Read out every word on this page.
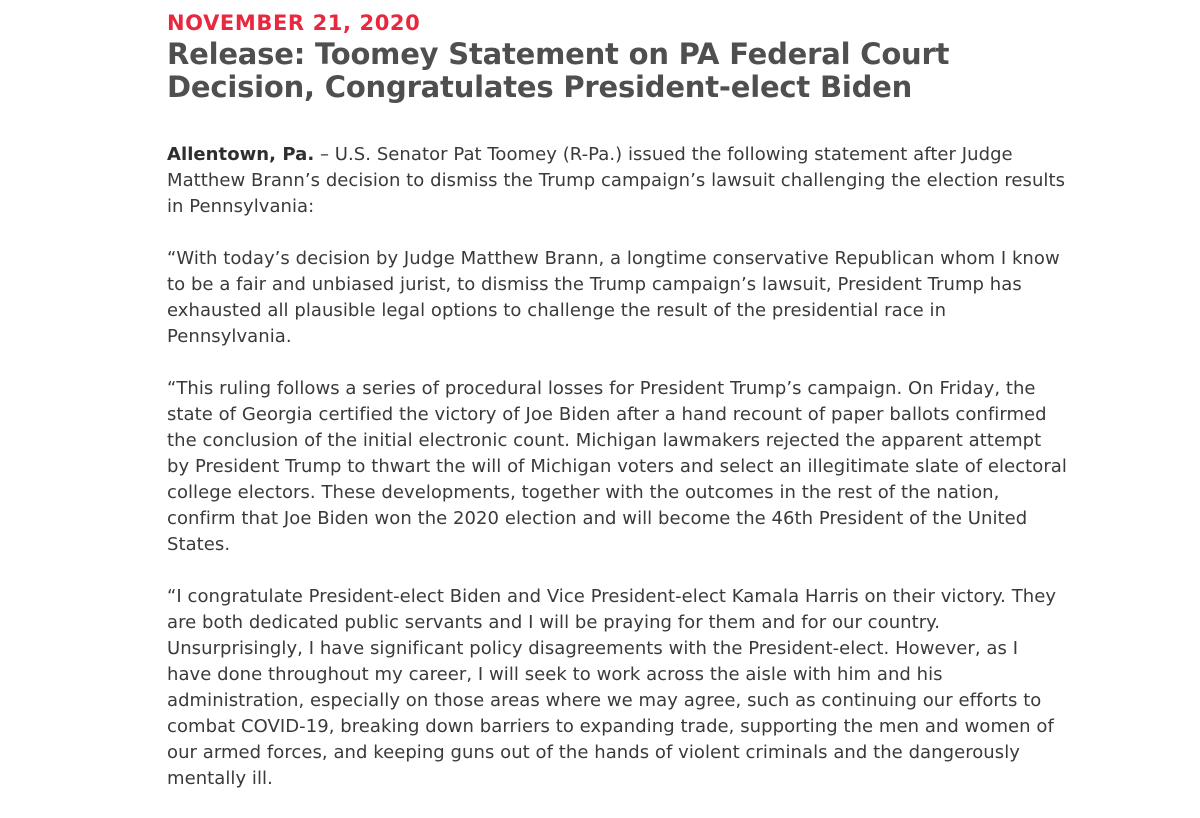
NOVEMBER 21, 2020
Release: Toomey Statement on PA Federal Court Decision, Congratulates President-elect Biden

Allentown, Pa. – U.S. Senator Pat Toomey (R-Pa.) issued the following statement after Judge Matthew Brann’s decision to dismiss the Trump campaign’s lawsuit challenging the election results in Pennsylvania:

“With today’s decision by Judge Matthew Brann, a longtime conservative Republican whom I know to be a fair and unbiased jurist, to dismiss the Trump campaign’s lawsuit, President Trump has exhausted all plausible legal options to challenge the result of the presidential race in Pennsylvania.

“This ruling follows a series of procedural losses for President Trump’s campaign. On Friday, the state of Georgia certified the victory of Joe Biden after a hand recount of paper ballots confirmed the conclusion of the initial electronic count. Michigan lawmakers rejected the apparent attempt by President Trump to thwart the will of Michigan voters and select an illegitimate slate of electoral college electors. These developments, together with the outcomes in the rest of the nation, confirm that Joe Biden won the 2020 election and will become the 46th President of the United States.

“I congratulate President-elect Biden and Vice President-elect Kamala Harris on their victory. They are both dedicated public servants and I will be praying for them and for our country. Unsurprisingly, I have significant policy disagreements with the President-elect. However, as I have done throughout my career, I will seek to work across the aisle with him and his administration, especially on those areas where we may agree, such as continuing our efforts to combat COVID-19, breaking down barriers to expanding trade, supporting the men and women of our armed forces, and keeping guns out of the hands of violent criminals and the dangerously mentally ill.
